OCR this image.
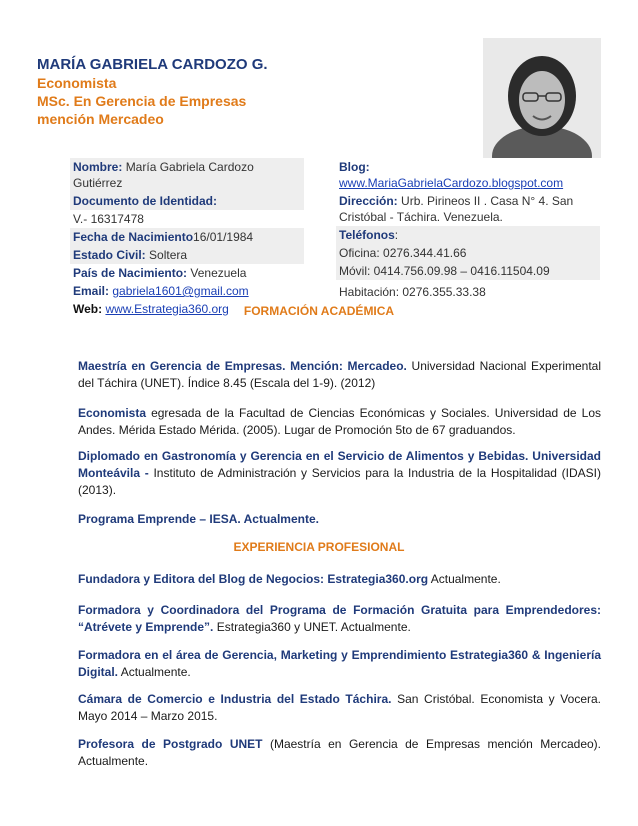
MARÍA GABRIELA CARDOZO G.
Economista
MSc. En Gerencia de Empresas
mención Mercadeo
Nombre: María Gabriela Cardozo Gutiérrez
Documento de Identidad:
V.- 16317478
Fecha de Nacimiento16/01/1984
Estado Civil: Soltera
País de Nacimiento: Venezuela
Email: gabriela1601@gmail.com
Web: www.Estrategia360.org
Blog:
www.MariaGabrielaCardozo.blogspot.com
Dirección: Urb. Pirineos II . Casa N° 4. San Cristóbal - Táchira. Venezuela.
Teléfonos:
Oficina: 0276.344.41.66
Móvil: 0414.756.09.98 – 0416.11504.09
Habitación: 0276.355.33.38
FORMACIÓN ACADÉMICA
Maestría en Gerencia de Empresas. Mención: Mercadeo. Universidad Nacional Experimental del Táchira (UNET). Índice 8.45 (Escala del 1-9). (2012)
Economista egresada de la Facultad de Ciencias Económicas y Sociales. Universidad de Los Andes. Mérida Estado Mérida. (2005). Lugar de Promoción 5to de 67 graduandos.
Diplomado en Gastronomía y Gerencia en el Servicio de Alimentos y Bebidas. Universidad Monteávila - Instituto de Administración y Servicios para la Industria de la Hospitalidad (IDASI) (2013).
Programa Emprende – IESA. Actualmente.
EXPERIENCIA PROFESIONAL
Fundadora y Editora del Blog de Negocios: Estrategia360.org Actualmente.
Formadora y Coordinadora del Programa de Formación Gratuita para Emprendedores: “Atrévete y Emprende”. Estrategia360 y UNET. Actualmente.
Formadora en el área de Gerencia, Marketing y Emprendimiento Estrategia360 & Ingeniería Digital. Actualmente.
Cámara de Comercio e Industria del Estado Táchira. San Cristóbal. Economista y Vocera. Mayo 2014 – Marzo 2015.
Profesora de Postgrado UNET (Maestría en Gerencia de Empresas mención Mercadeo). Actualmente.
